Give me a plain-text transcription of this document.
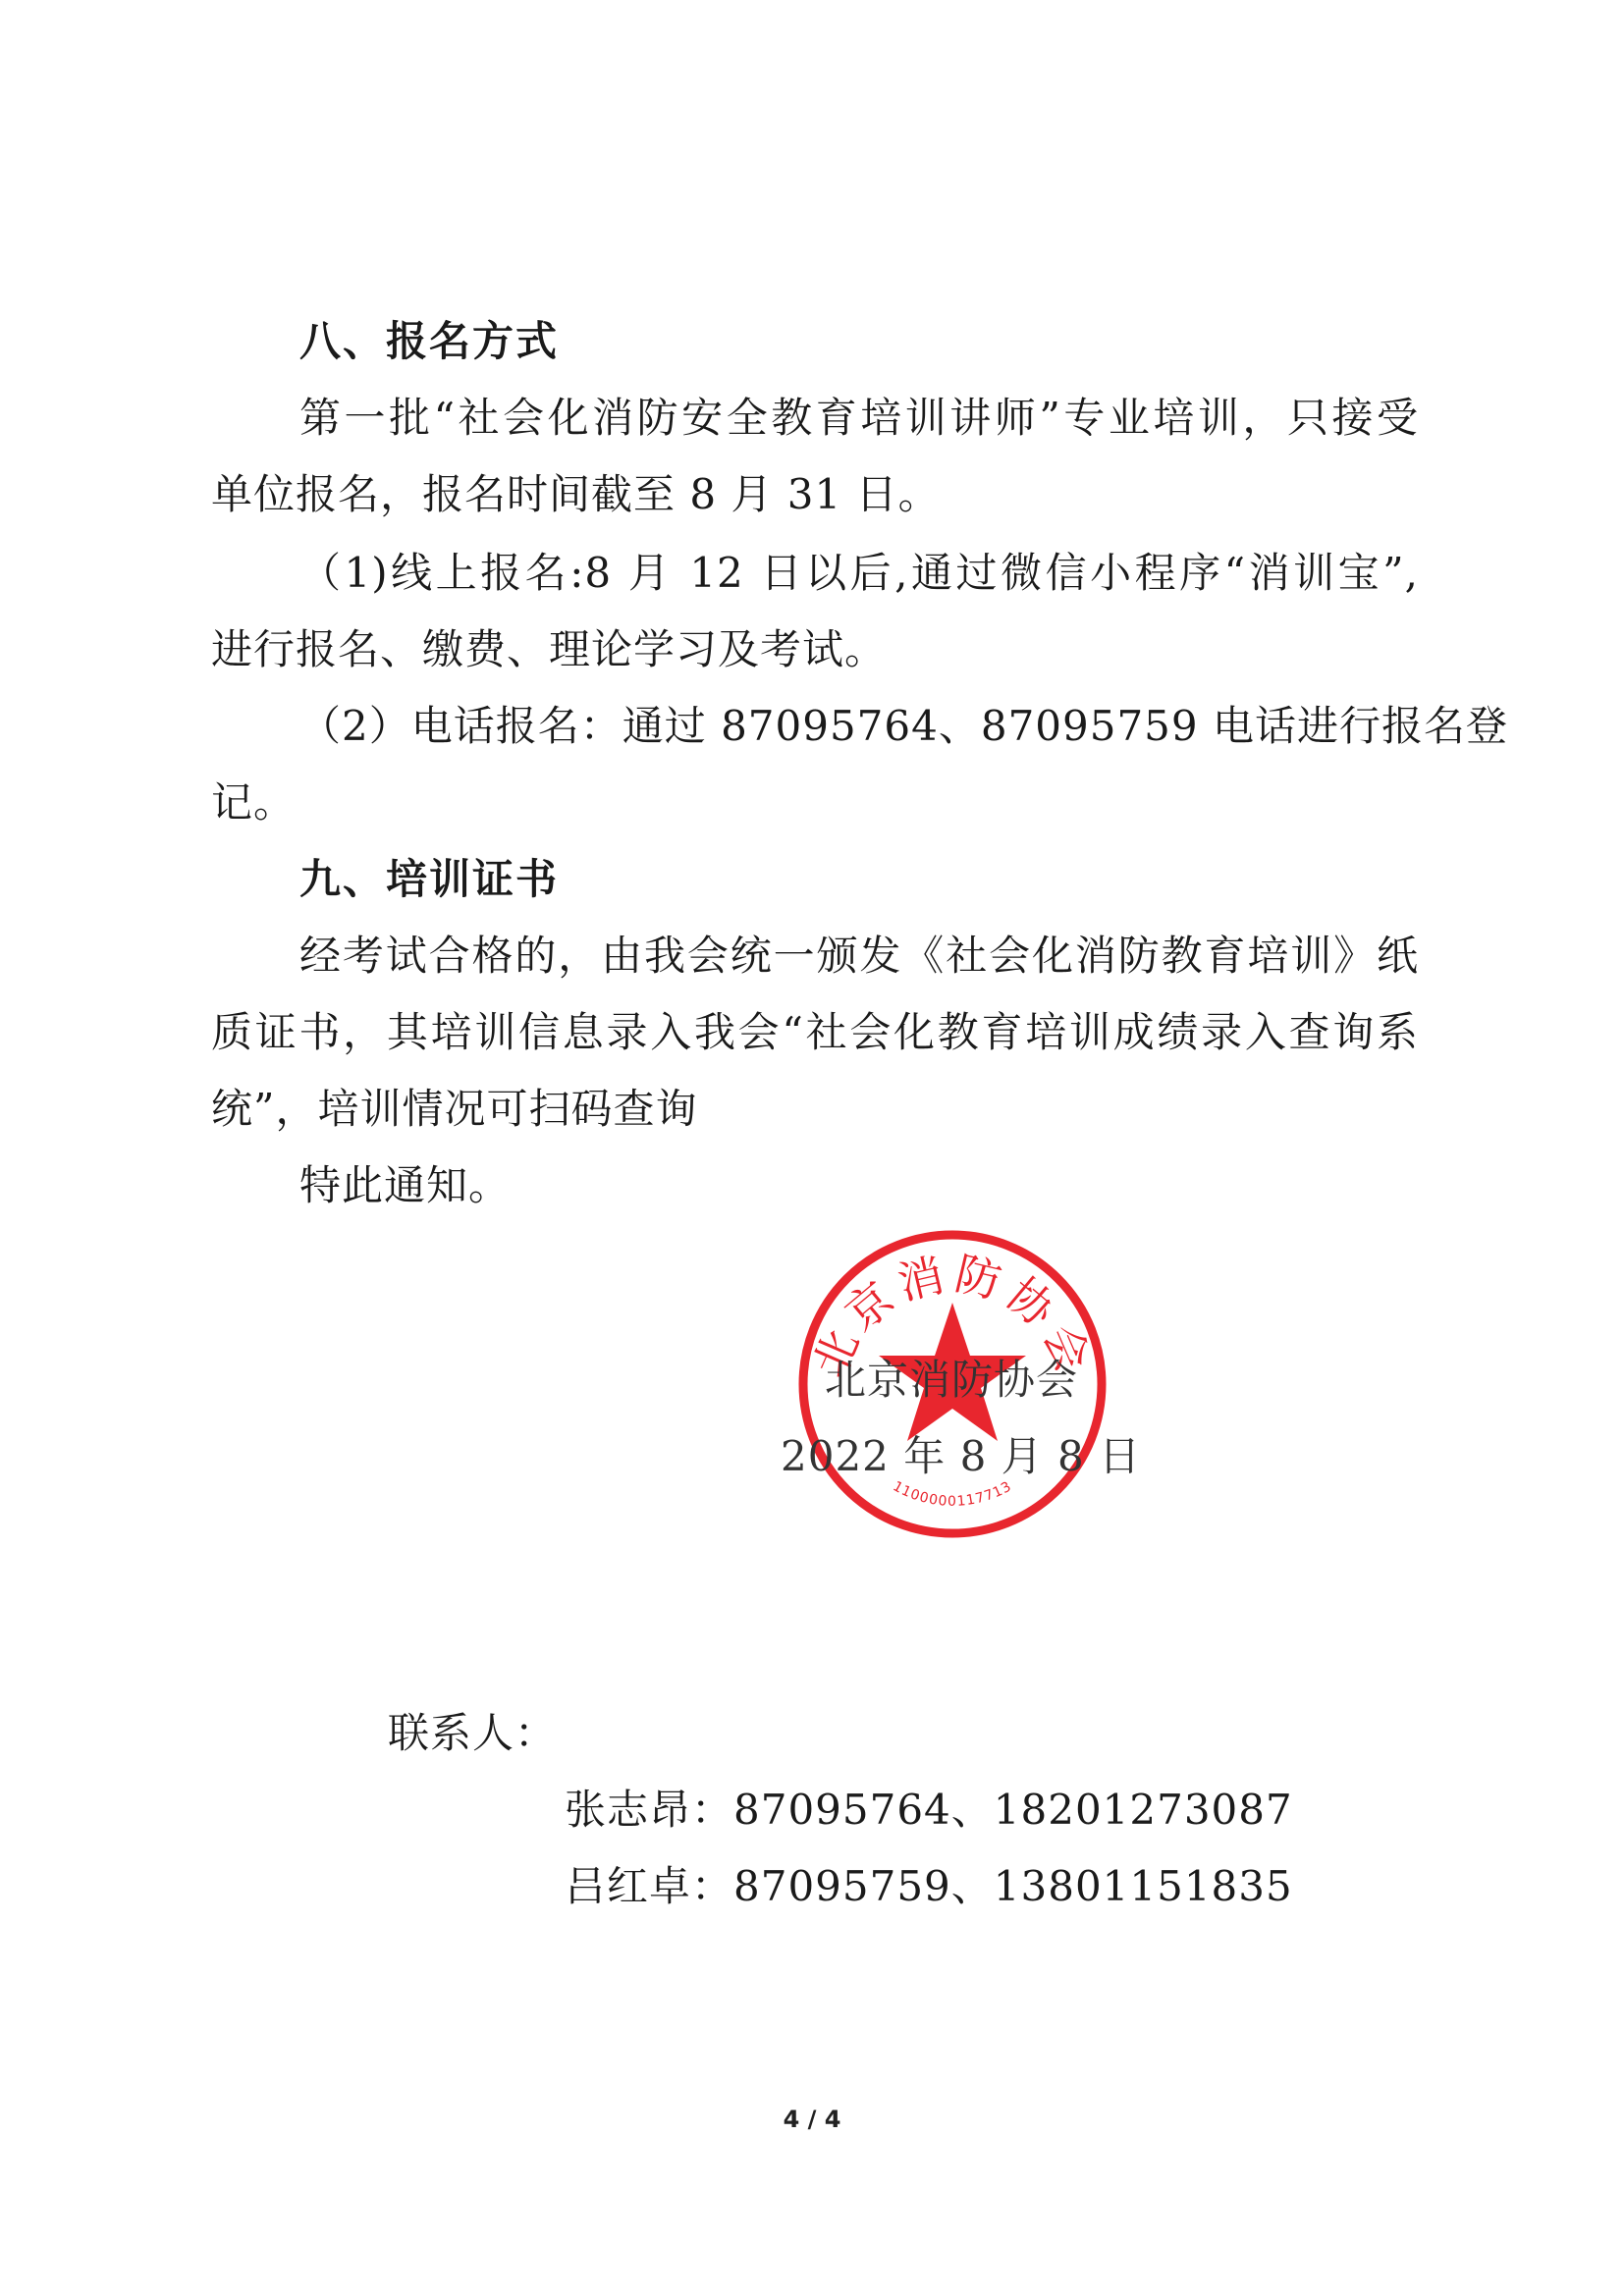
八、报名方式
第一批“社会化消防安全教育培训讲师”专业培训，只接受
单位报名，报名时间截至 8 月 31 日。
（1)线上报名:8 月 12 日以后,通过微信小程序“消训宝”,
进行报名、缴费、理论学习及考试。
（2）电话报名：通过 87095764、87095759 电话进行报名登
记。
九、培训证书
经考试合格的，由我会统一颁发《社会化消防教育培训》纸
质证书，其培训信息录入我会“社会化教育培训成绩录入查询系
统”，培训情况可扫码查询
特此通知。
北京消防协会
1100000117713
北京消防协会
2022 年 8 月 8 日
联系人：
张志昂：87095764、18201273087
吕红卓：87095759、13801151835
4 / 4
